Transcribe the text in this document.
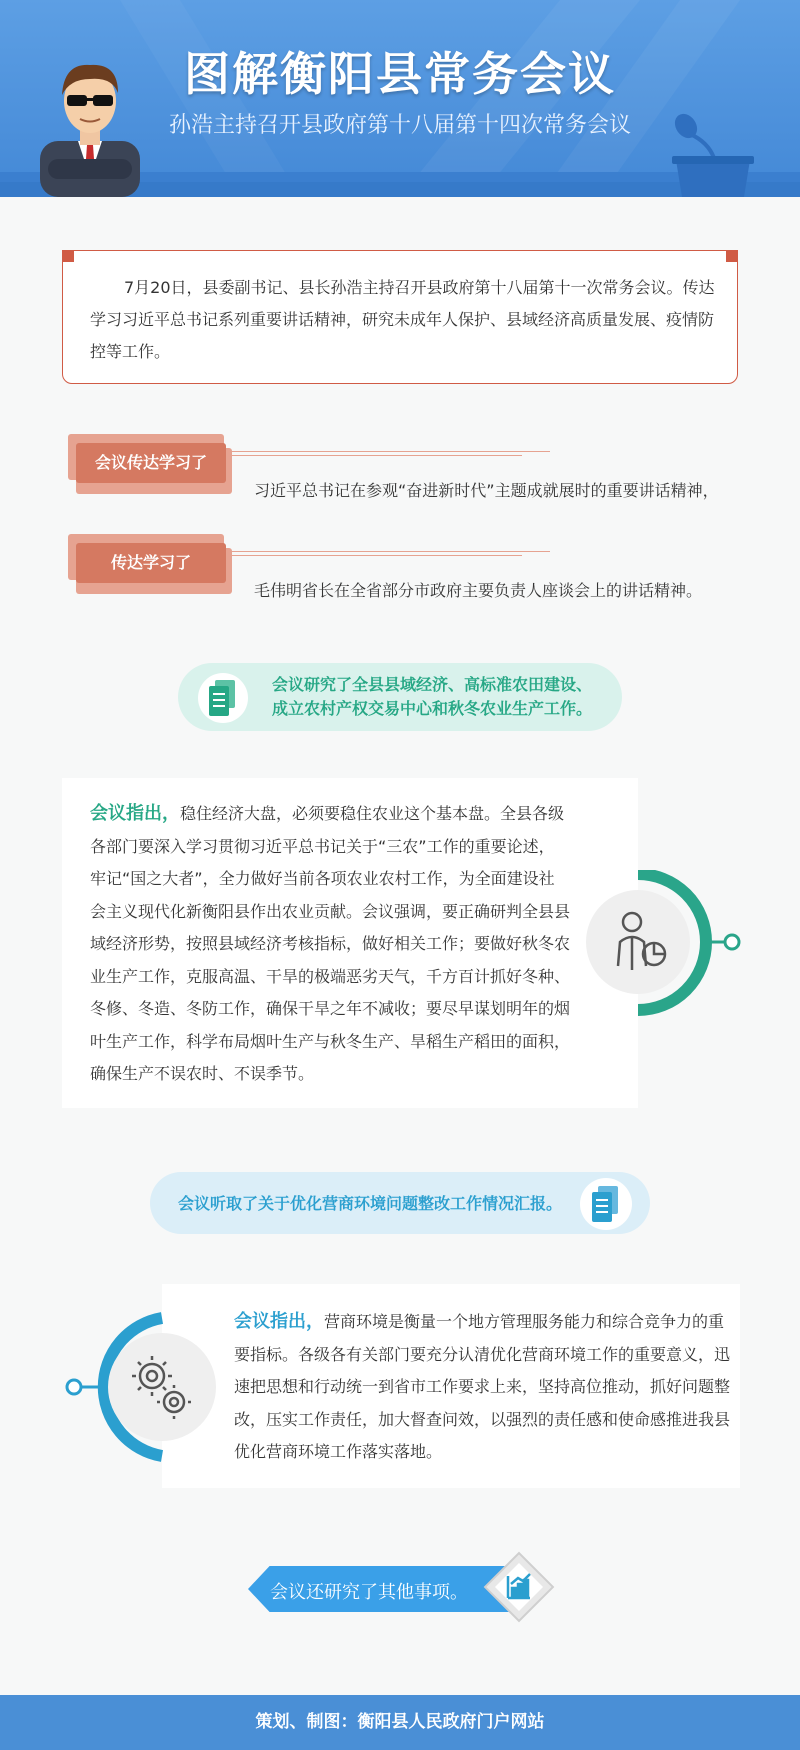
图解衡阳县常务会议
孙浩主持召开县政府第十八届第十四次常务会议
7月20日，县委副书记、县长孙浩主持召开县政府第十八届第十一次常务会议。传达学习习近平总书记系列重要讲话精神，研究未成年人保护、县域经济高质量发展、疫情防控等工作。
会议传达学习了
习近平总书记在参观“奋进新时代”主题成就展时的重要讲话精神，
传达学习了
毛伟明省长在全省部分市政府主要负责人座谈会上的讲话精神。
会议研究了全县县域经济、高标准农田建设、
成立农村产权交易中心和秋冬农业生产工作。
会议指出，稳住经济大盘，必须要稳住农业这个基本盘。全县各级各部门要深入学习贯彻习近平总书记关于“三农”工作的重要论述，牢记“国之大者”，全力做好当前各项农业农村工作，为全面建设社会主义现代化新衡阳县作出农业贡献。会议强调，要正确研判全县县域经济形势，按照县域经济考核指标，做好相关工作；要做好秋冬农业生产工作，克服高温、干旱的极端恶劣天气，千方百计抓好冬种、冬修、冬造、冬防工作，确保干旱之年不减收；要尽早谋划明年的烟叶生产工作，科学布局烟叶生产与秋冬生产、旱稻生产稻田的面积，确保生产不误农时、不误季节。
会议听取了关于优化营商环境问题整改工作情况汇报。
会议指出，营商环境是衡量一个地方管理服务能力和综合竞争力的重要指标。各级各有关部门要充分认清优化营商环境工作的重要意义，迅速把思想和行动统一到省市工作要求上来，坚持高位推动，抓好问题整改，压实工作责任，加大督查问效，以强烈的责任感和使命感推进我县优化营商环境工作落实落地。
会议还研究了其他事项。
策划、制图：衡阳县人民政府门户网站
